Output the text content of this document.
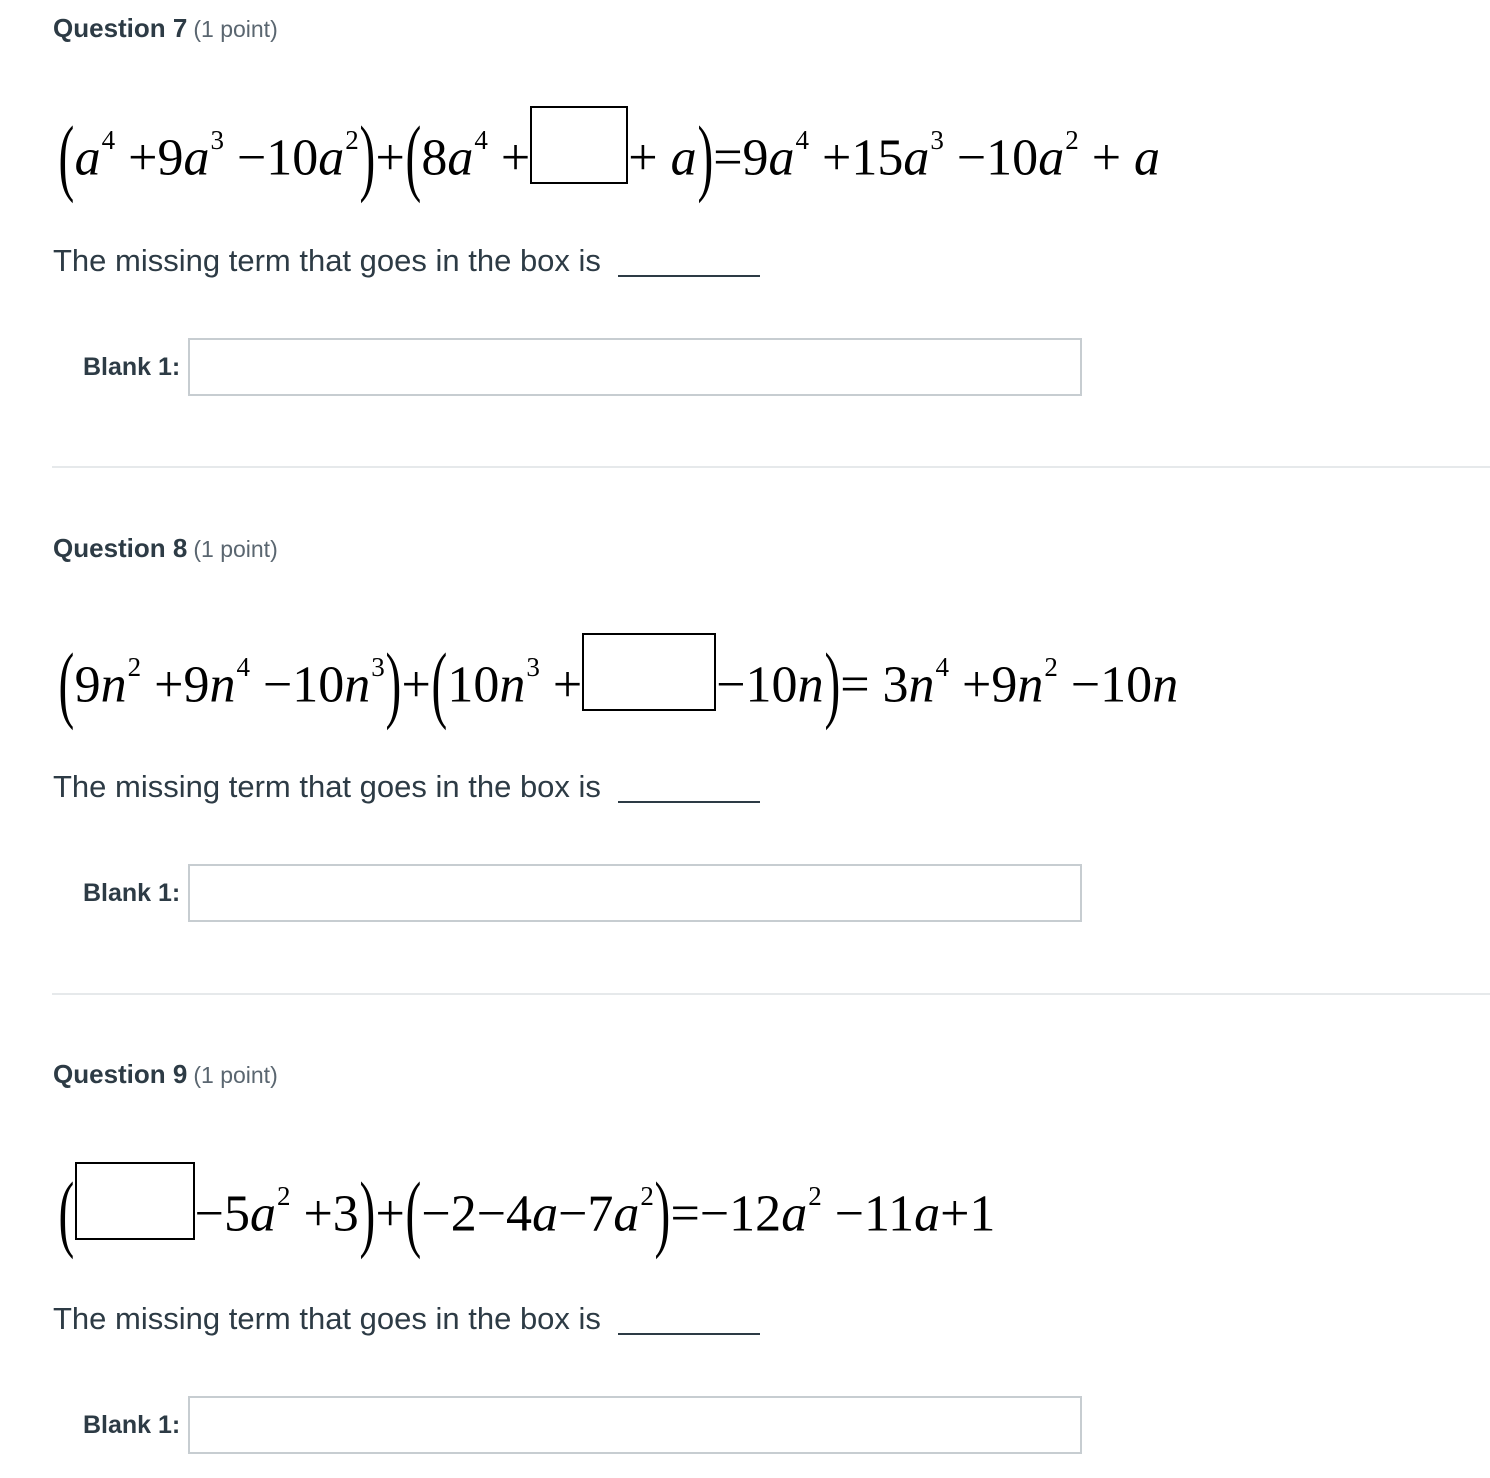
Question 7 (1 point)
$(a^4 +9a^3 -10a^2)+(8a^4$ + + $a)=9a^4 +15a^3 -10a^2 + a$
The missing term that goes in the box is
Blank 1:
Question 8 (1 point)
$(9n^2 +9n^4 -10n^3)+(10n^3$ +	$-10n)= 3n^4 +9n^2 -10n$
The missing term that goes in the box is
Blank 1:
Question 9 (1 point)
( $-5a^2 +3)+(-2-4a-7a^2)=-12a^2 -11a+1$
The missing term that goes in the box is
Blank 1:
